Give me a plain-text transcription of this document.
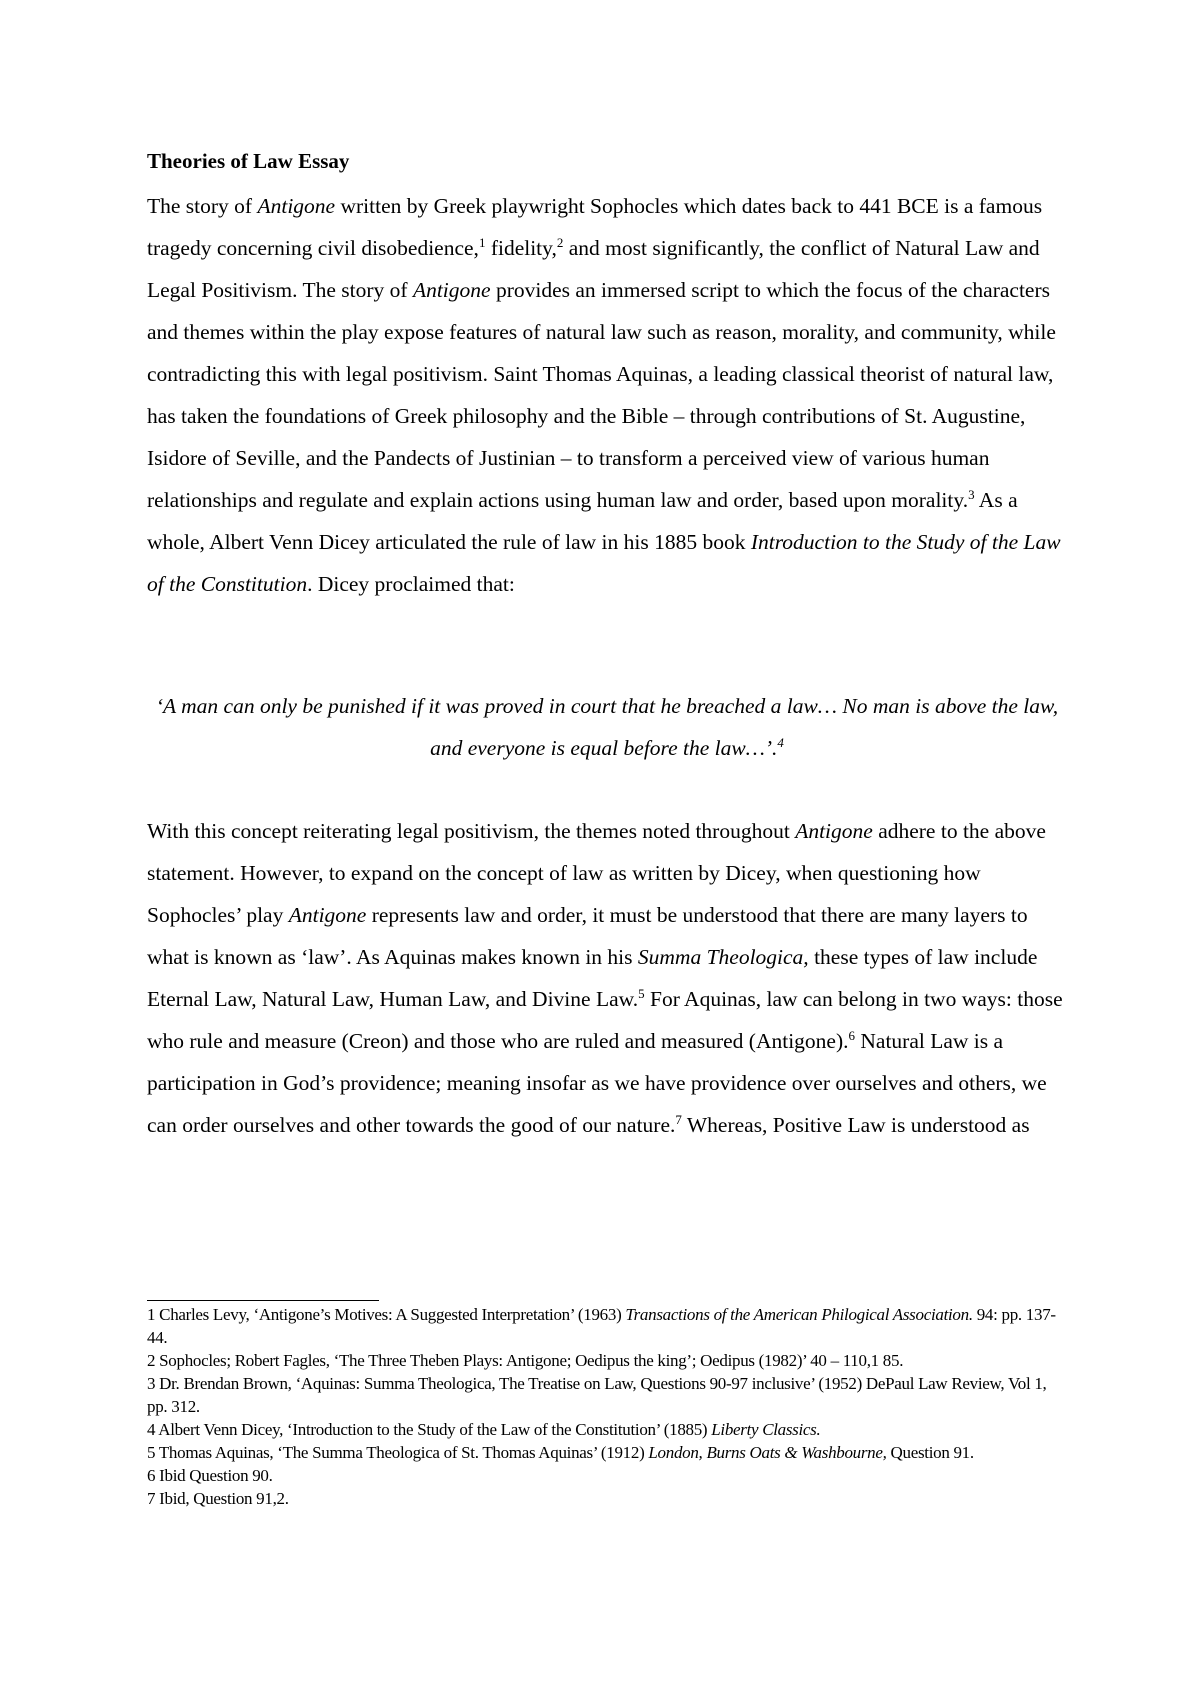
Theories of Law Essay

The story of Antigone written by Greek playwright Sophocles which dates back to 441 BCE is a famous tragedy concerning civil disobedience,$^1$ fidelity,$^2$ and most significantly, the conflict of Natural Law and Legal Positivism. The story of Antigone provides an immersed script to which the focus of the characters and themes within the play expose features of natural law such as reason, morality, and community, while contradicting this with legal positivism. Saint Thomas Aquinas, a leading classical theorist of natural law, has taken the foundations of Greek philosophy and the Bible – through contributions of St. Augustine, Isidore of Seville, and the Pandects of Justinian – to transform a perceived view of various human relationships and regulate and explain actions using human law and order, based upon morality.$^3$ As a whole, Albert Venn Dicey articulated the rule of law in his 1885 book Introduction to the Study of the Law of the Constitution. Dicey proclaimed that:

‘A man can only be punished if it was proved in court that he breached a law… No man is above the law, and everyone is equal before the law…’.$^4$

With this concept reiterating legal positivism, the themes noted throughout Antigone adhere to the above statement. However, to expand on the concept of law as written by Dicey, when questioning how Sophocles’ play Antigone represents law and order, it must be understood that there are many layers to what is known as ‘law’. As Aquinas makes known in his Summa Theologica, these types of law include Eternal Law, Natural Law, Human Law, and Divine Law.$^5$ For Aquinas, law can belong in two ways: those who rule and measure (Creon) and those who are ruled and measured (Antigone).$^6$ Natural Law is a participation in God’s providence; meaning insofar as we have providence over ourselves and others, we can order ourselves and other towards the good of our nature.$^7$ Whereas, Positive Law is understood as

1 Charles Levy, ‘Antigone’s Motives: A Suggested Interpretation’ (1963) Transactions of the American Philogical Association. 94: pp. 137-44.
2 Sophocles; Robert Fagles, ‘The Three Theben Plays: Antigone; Oedipus the king’; Oedipus (1982)’ 40 – 110,1 85.
3 Dr. Brendan Brown, ‘Aquinas: Summa Theologica, The Treatise on Law, Questions 90-97 inclusive’ (1952) DePaul Law Review, Vol 1, pp. 312.
4 Albert Venn Dicey, ‘Introduction to the Study of the Law of the Constitution’ (1885) Liberty Classics.
5 Thomas Aquinas, ‘The Summa Theologica of St. Thomas Aquinas’ (1912) London, Burns Oats & Washbourne, Question 91.
6 Ibid Question 90.
7 Ibid, Question 91,2.
